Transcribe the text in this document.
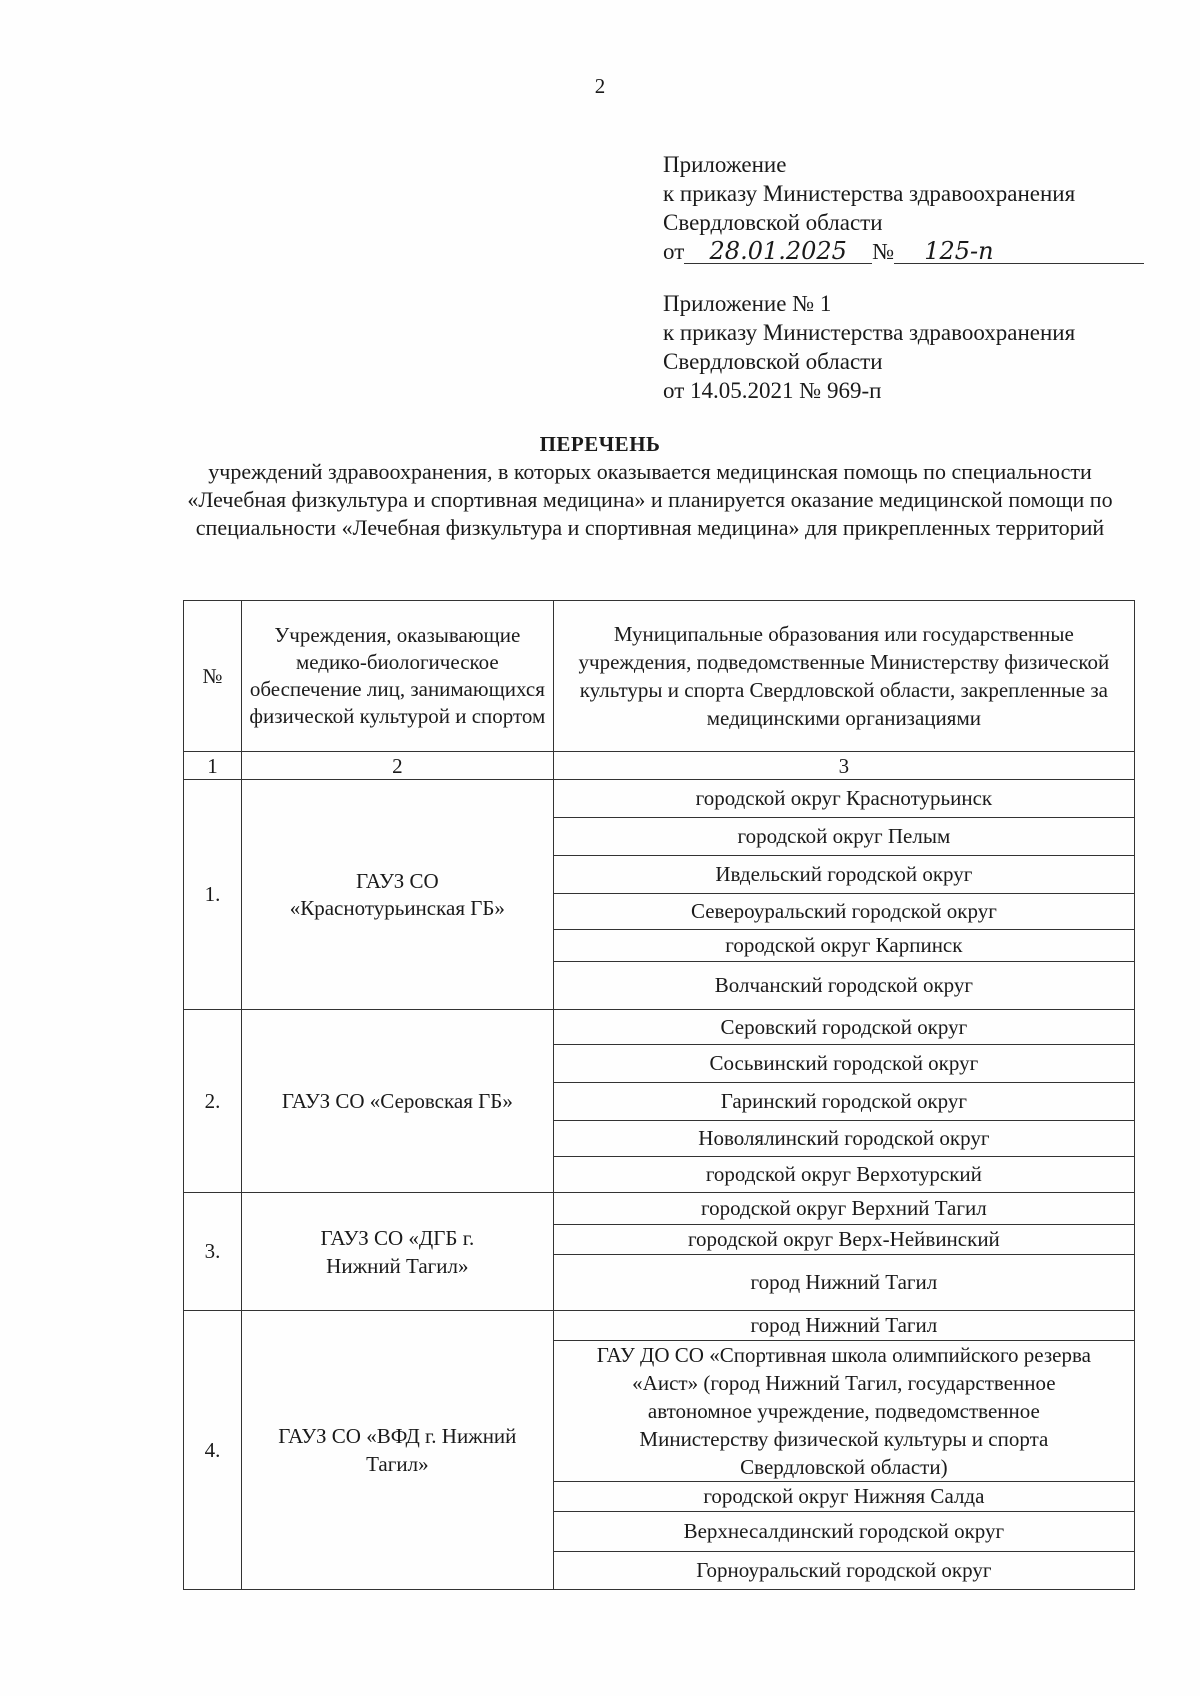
2
Приложение
к приказу Министерства здравоохранения
Свердловской области
от 28.01.2025 № 125-п
Приложение № 1
к приказу Министерства здравоохранения
Свердловской области
от 14.05.2021 № 969-п
ПЕРЕЧЕНЬ
учреждений здравоохранения, в которых оказывается медицинская помощь по специальности «Лечебная физкультура и спортивная медицина» и планируется оказание медицинской помощи по специальности «Лечебная физкультура и спортивная медицина» для прикрепленных территорий
№	Учреждения, оказывающие медико-биологическое обеспечение лиц, занимающихся физической культурой и спортом	Муниципальные образования или государственные учреждения, подведомственные Министерству физической культуры и спорта Свердловской области, закрепленные за медицинскими организациями
1	2	3
1.	ГАУЗ СО «Краснотурьинская ГБ»	городской округ Краснотурьинск
		городской округ Пелым
		Ивдельский городской округ
		Североуральский городской округ
		городской округ Карпинск
		Волчанский городской округ
2.	ГАУЗ СО «Серовская ГБ»	Серовский городской округ
		Сосьвинский городской округ
		Гаринский городской округ
		Новолялинский городской округ
		городской округ Верхотурский
3.	ГАУЗ СО «ДГБ г. Нижний Тагил»	городской округ Верхний Тагил
		городской округ Верх-Нейвинский
		город Нижний Тагил
4.	ГАУЗ СО «ВФД г. Нижний Тагил»	город Нижний Тагил
		ГАУ ДО СО «Спортивная школа олимпийского резерва «Аист» (город Нижний Тагил, государственное автономное учреждение, подведомственное Министерству физической культуры и спорта Свердловской области)
		городской округ Нижняя Салда
		Верхнесалдинский городской округ
		Горноуральский городской округ
